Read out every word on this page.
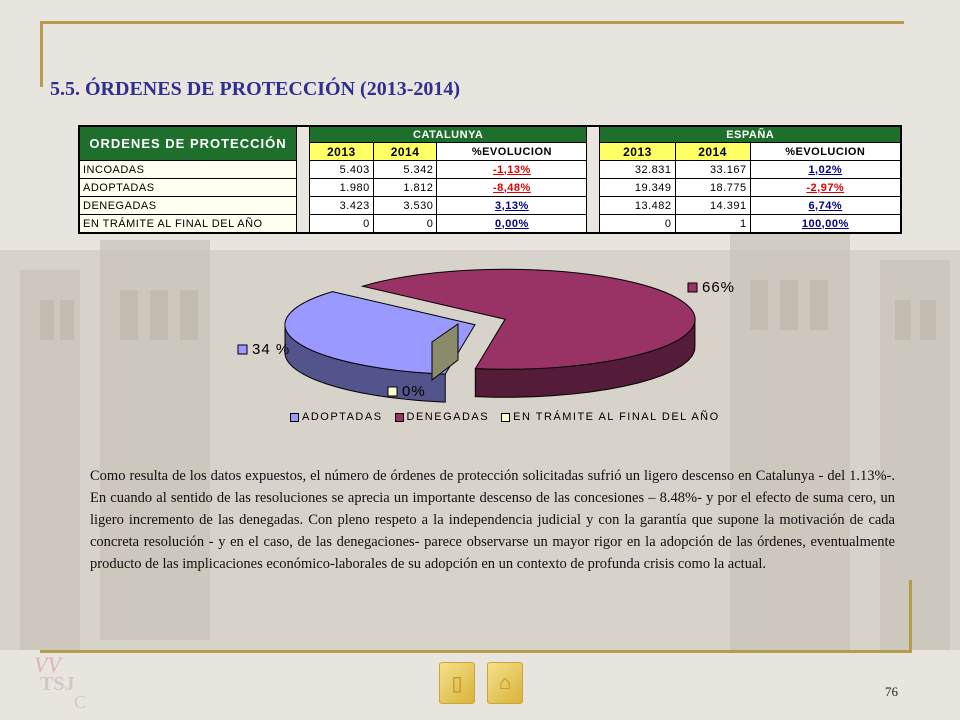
5.5. ÓRDENES DE PROTECCIÓN (2013-2014)
ORDENES DE PROTECCIÓN		CATALUNYA				ESPAÑA		
		2013	2014	%EVOLUCION		2013	2014	%EVOLUCION
INCOADAS		5.403	5.342	-1,13%		32.831	33.167	1,02%
ADOPTADAS		1.980	1.812	-8,48%		19.349	18.775	-2,97%
DENEGADAS		3.423	3.530	3,13%		13.482	14.391	6,74%
EN TRÁMITE AL FINAL DEL AÑO		0	0	0,00%		0	1	100,00%
34 %
66%
0%
ADOPTADAS	DENEGADAS	EN TRÁMITE AL FINAL DEL AÑO
Como resulta de los datos expuestos, el número de órdenes de protección solicitadas sufrió un ligero descenso en Catalunya - del 1.13%-. En cuando al sentido de las resoluciones se aprecia un importante descenso de las concesiones – 8.48%- y por el efecto de suma cero, un ligero incremento de las denegadas. Con pleno respeto a la independencia judicial y con la garantía que supone la motivación de cada concreta resolución - y en el caso, de las denegaciones- parece observarse un mayor rigor en la adopción de las órdenes, eventualmente producto de las implicaciones económico-laborales de su adopción en un contexto de profunda crisis como la actual.
VV
TSJ
C
▯ ⌂	76
